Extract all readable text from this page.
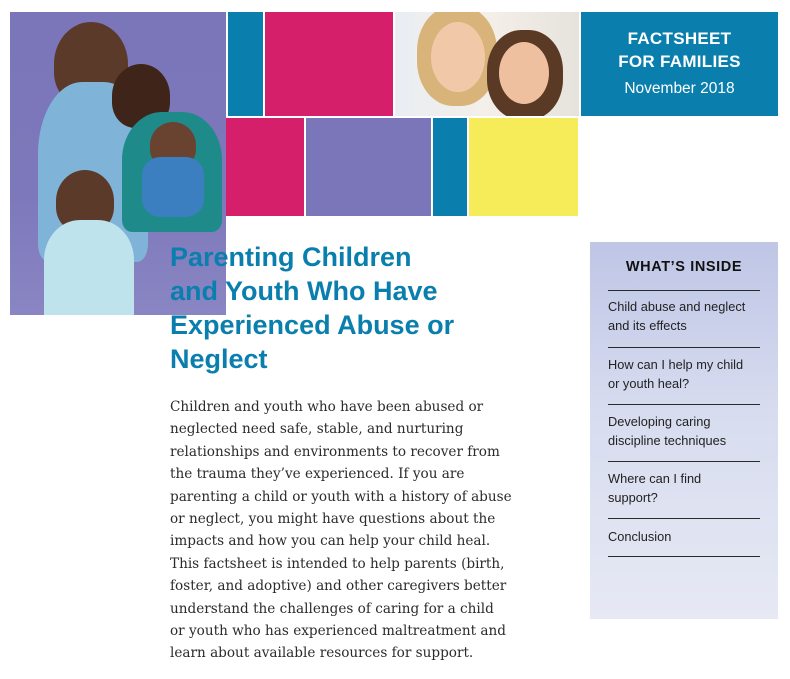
FACTSHEET
FOR FAMILIES
November 2018
Parenting Children
and Youth Who Have
Experienced Abuse or
Neglect
Children and youth who have been abused or
neglected need safe, stable, and nurturing
relationships and environments to recover from
the trauma they’ve experienced. If you are
parenting a child or youth with a history of abuse
or neglect, you might have questions about the
impacts and how you can help your child heal.
This factsheet is intended to help parents (birth,
foster, and adoptive) and other caregivers better
understand the challenges of caring for a child
or youth who has experienced maltreatment and
learn about available resources for support.
WHAT’S INSIDE
Child abuse and neglect
and its effects
How can I help my child
or youth heal?
Developing caring
discipline techniques
Where can I find
support?
Conclusion
